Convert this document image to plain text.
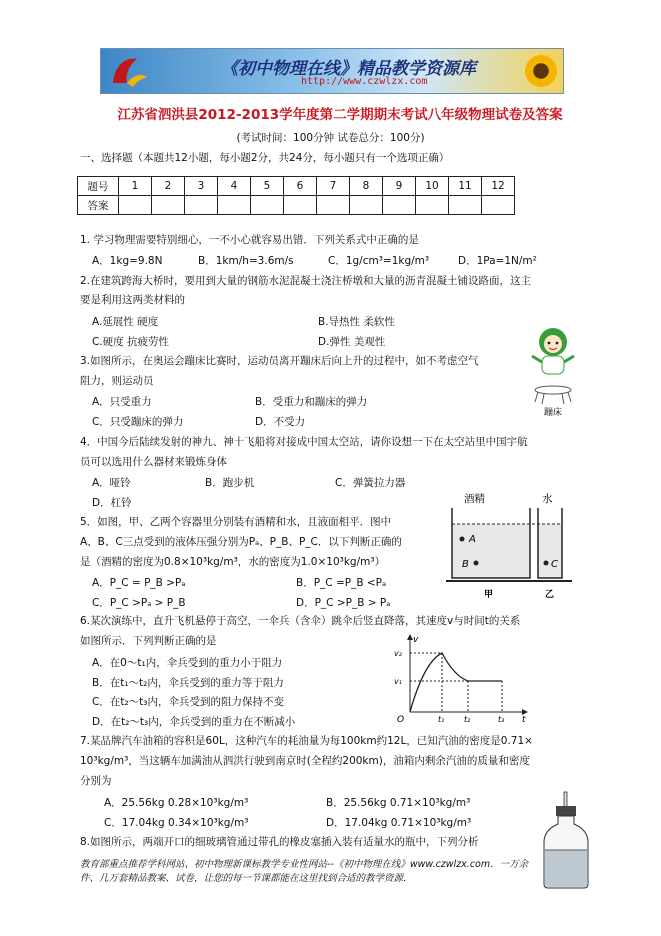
《初中物理在线》精品教学资源库
http://www.czwlzx.com
江苏省泗洪县2012-2013学年度第二学期期末考试八年级物理试卷及答案
(考试时间：100分钟 试卷总分：100分)
一、选择题（本题共12小题，每小题2分，共24分，每小题只有一个选项正确）
题号	1	2	3	4	5	6	7	8	9	10	11	12
答案												
1. 学习物理需要特别细心，一不小心就容易出错．下列关系式中正确的是
A．1kg=9.8N	B．1km/h=3.6m/s	C．1g/cm³=1kg/m³	D．1Pa=1N/m²
2.在建筑跨海大桥时，要用到大量的钢筋水泥混凝土浇注桥墩和大量的沥青混凝土铺设路面，这主
要是利用这两类材料的
A.延展性 硬度	B.导热性 柔软性
C.硬度 抗疲劳性	D.弹性 美观性
3.如图所示，在奥运会蹦床比赛时，运动员离开蹦床后向上升的过程中，如不考虑空气
阻力，则运动员
A．只受重力	B．受重力和蹦床的弹力
C．只受蹦床的弹力	D．不受力
蹦床
4．中国今后陆续发射的神九、神十飞船将对接成中国太空站，请你设想一下在太空站里中国宇航
员可以选用什么器材来锻炼身体
A．哑铃	B．跑步机	C．弹簧拉力器
D．杠铃
5．如图，甲、乙两个容器里分别装有酒精和水，且液面相平．图中
A、B、C三点受到的液体压强分别为Pₐ、P_B、P_C．以下判断正确的
是（酒精的密度为0.8×10³kg/m³，水的密度为1.0×10³kg/m³）
A．P_C = P_B >Pₐ	B．P_C =P_B <Pₐ
C．P_C >Pₐ > P_B	D．P_C >P_B > Pₐ
酒精	水
A
B	C
甲	乙
6.某次演练中，直升飞机悬停于高空，一伞兵（含伞）跳伞后竖直降落，其速度v与时间t的关系
如图所示．下列判断正确的是
A．在0～t₁内，伞兵受到的重力小于阻力
B．在t₁～t₂内，伞兵受到的重力等于阻力
C．在t₂～t₃内，伞兵受到的阻力保持不变
D．在t₂～t₃内，伞兵受到的重力在不断减小
v
t
O
v₂
v₁
t₁ t₂	t₃
7.某品牌汽车油箱的容积是60L，这种汽车的耗油量为每100km约12L，已知汽油的密度是0.71×
10³kg/m³，当这辆车加满油从泗洪行驶到南京时(全程约200km)，油箱内剩余汽油的质量和密度
分别为
A．25.56kg 0.28×10³kg/m³	B．25.56kg 0.71×10³kg/m³
C．17.04kg 0.34×10³kg/m³	D．17.04kg 0.71×10³kg/m³
8.如图所示，两端开口的细玻璃管通过带孔的橡皮塞插入装有适量水的瓶中，下列分析
教育部重点推荐学科网站、初中物理新课标教学专业性网站--《初中物理在线》www.czwlzx.com．一万余
件、几万套精品教案、试卷，让您的每一节课都能在这里找到合适的教学资源．
